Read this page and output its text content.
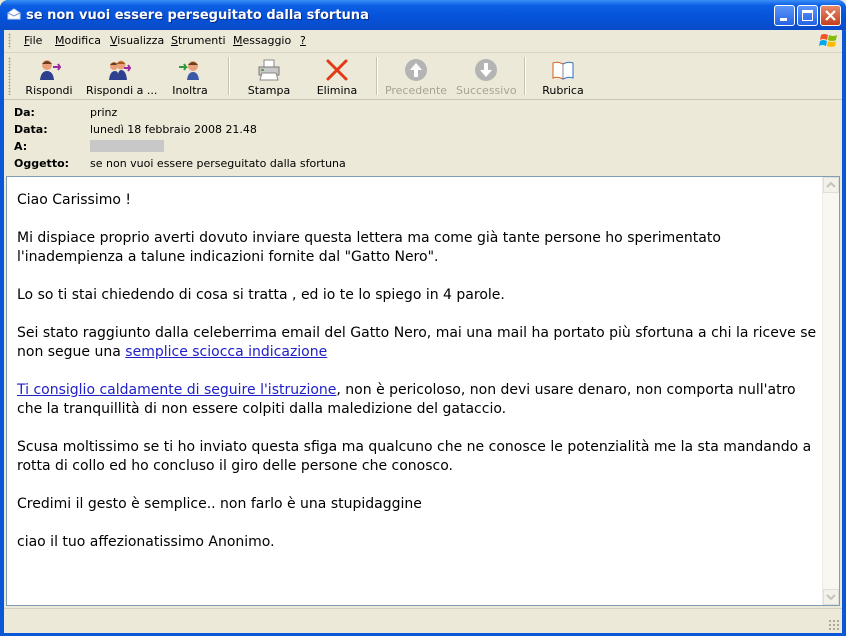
se non vuoi essere perseguitato dalla sfortuna
File Modifica Visualizza Strumenti Messaggio ?
Rispondi	Rispondi a ...	Inoltra	Stampa	Elimina	Precedente Successivo	Rubrica
Da:	prinz
Data:	lunedì 18 febbraio 2008 21.48
A:
Oggetto:	se non vuoi essere perseguitato dalla sfortuna

Ciao Carissimo !

Mi dispiace proprio averti dovuto inviare questa lettera ma come già tante persone ho sperimentato l'inadempienza a talune indicazioni fornite dal "Gatto Nero".

Lo so ti stai chiedendo di cosa si tratta , ed io te lo spiego in 4 parole.

Sei stato raggiunto dalla celeberrima email del Gatto Nero, mai una mail ha portato più sfortuna a chi la riceve se non segue una semplice sciocca indicazione

Ti consiglio caldamente di seguire l'istruzione, non è pericoloso, non devi usare denaro, non comporta null'atro che la tranquillità di non essere colpiti dalla maledizione del gataccio.

Scusa moltissimo se ti ho inviato questa sfiga ma qualcuno che ne conosce le potenzialità me la sta mandando a rotta di collo ed ho concluso il giro delle persone che conosco.

Credimi il gesto è semplice.. non farlo è una stupidaggine

ciao il tuo affezionatissimo Anonimo.
